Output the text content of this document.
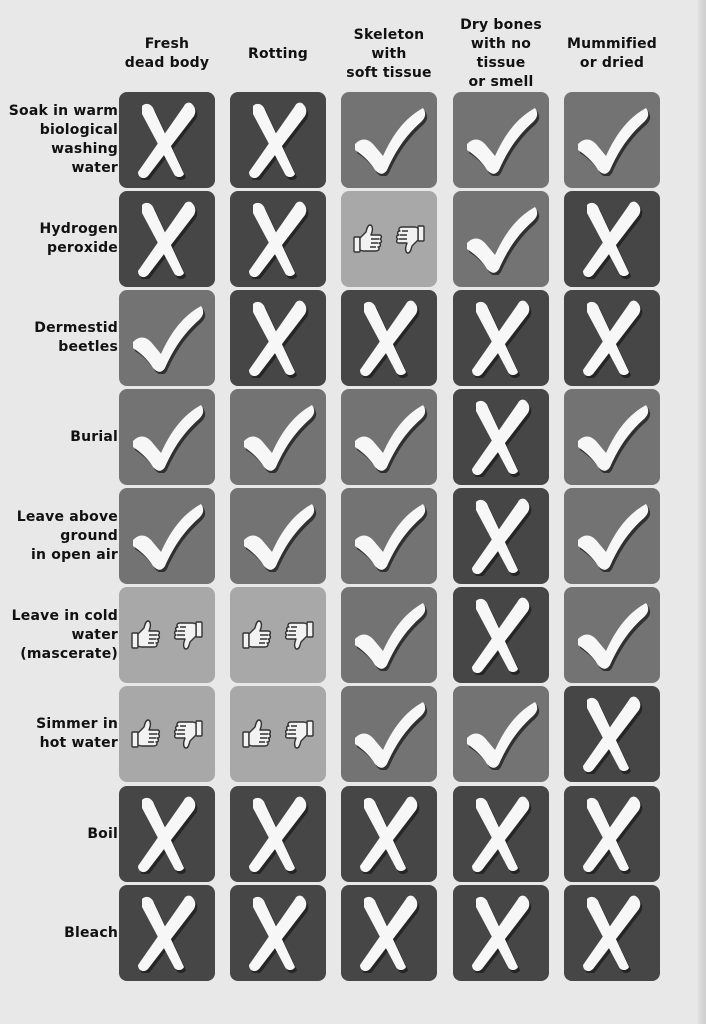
Fresh
dead body
Rotting
Skeleton
with
soft tissue
Dry bones
with no
tissue
or smell
Mummified
or dried
Soak in warm
biological
washing
water
Hydrogen
peroxide
Dermestid
beetles
Burial
Leave above
ground
in open air
Leave in cold
water
(mascerate)
Simmer in
hot water
Boil
Bleach
